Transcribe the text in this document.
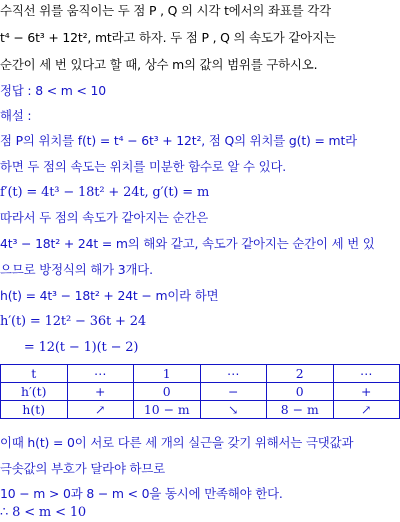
수직선 위를 움직이는 두 점 P , Q 의 시각 t에서의 좌표를 각각
t⁴ − 6t³ + 12t², mt라고 하자. 두 점 P , Q 의 속도가 같아지는
순간이 세 번 있다고 할 때, 상수 m의 값의 범위를 구하시오.
정답 : 8 < m < 10
해설 :
점 P의 위치를 f(t) = t⁴ − 6t³ + 12t², 점 Q의 위치를 g(t) = mt라
하면 두 점의 속도는 위치를 미분한 함수로 알 수 있다.
f′(t) = 4t³ − 18t² + 24t, g′(t) = m
따라서 두 점의 속도가 같아지는 순간은
4t³ − 18t² + 24t = m의 해와 같고, 속도가 같아지는 순간이 세 번 있
으므로 방정식의 해가 3개다.
h(t) = 4t³ − 18t² + 24t − m이라 하면
h′(t) = 12t² − 36t + 24
= 12(t − 1)(t − 2)
t	⋯	1	⋯	2	⋯
h′(t)	+	0	−	0	+
h(t)	↗	10 − m	↘	8 − m	↗
이때 h(t) = 0이 서로 다른 세 개의 실근을 갖기 위해서는 극댓값과
극솟값의 부호가 달라야 하므로
10 − m > 0과 8 − m < 0을 동시에 만족해야 한다.
∴ 8 < m < 10
